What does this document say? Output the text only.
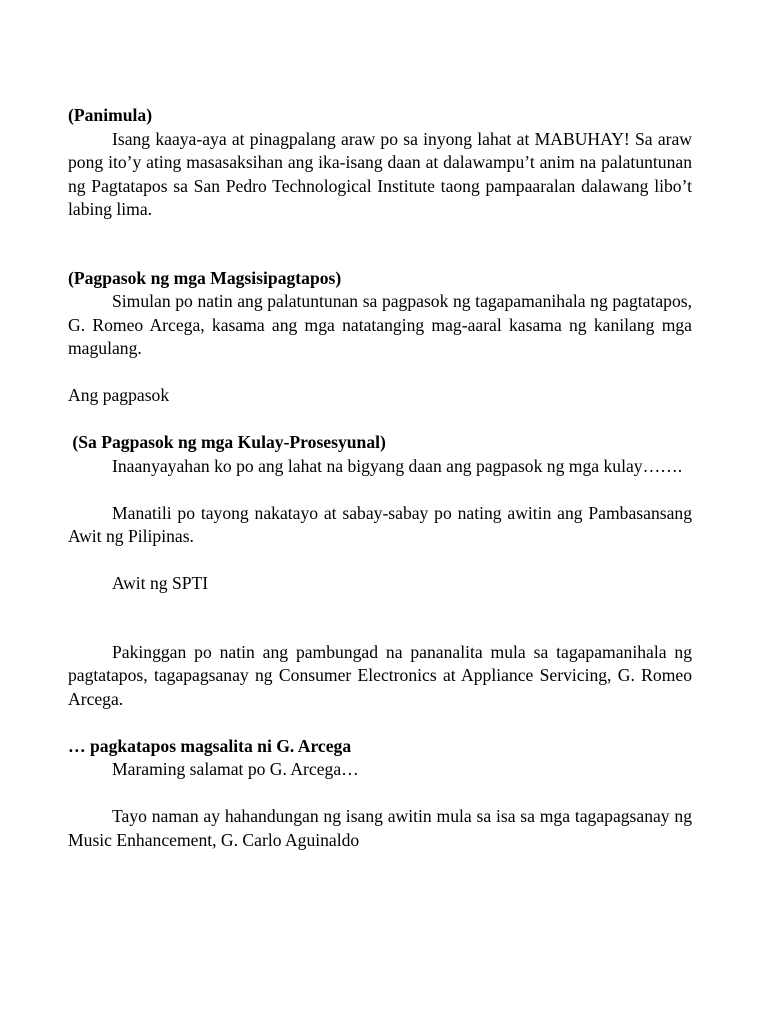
(Panimula)

Isang kaaya-aya at pinagpalang araw po sa inyong lahat at MABUHAY! Sa araw pong ito’y ating masasaksihan ang ika-isang daan at dalawampu’t anim na palatuntunan ng Pagtatapos sa San Pedro Technological Institute taong pampaaralan dalawang libo’t labing lima.

(Pagpasok ng mga Magsisipagtapos)

Simulan po natin ang palatuntunan sa pagpasok ng tagapamanihala ng pagtatapos, G. Romeo Arcega, kasama ang mga natatanging mag-aaral kasama ng kanilang mga magulang.

Ang pagpasok

(Sa Pagpasok ng mga Kulay-Prosesyunal)

Inaanyayahan ko po ang lahat na bigyang daan ang pagpasok ng mga kulay…….

Manatili po tayong nakatayo at sabay-sabay po nating awitin ang Pambasansang Awit ng Pilipinas.

Awit ng SPTI

Pakinggan po natin ang pambungad na pananalita mula sa tagapamanihala ng pagtatapos, tagapagsanay ng Consumer Electronics at Appliance Servicing, G. Romeo Arcega.

… pagkatapos magsalita ni G. Arcega

Maraming salamat po G. Arcega…

Tayo naman ay hahandungan ng isang awitin mula sa isa sa mga tagapagsanay ng Music Enhancement, G. Carlo Aguinaldo
